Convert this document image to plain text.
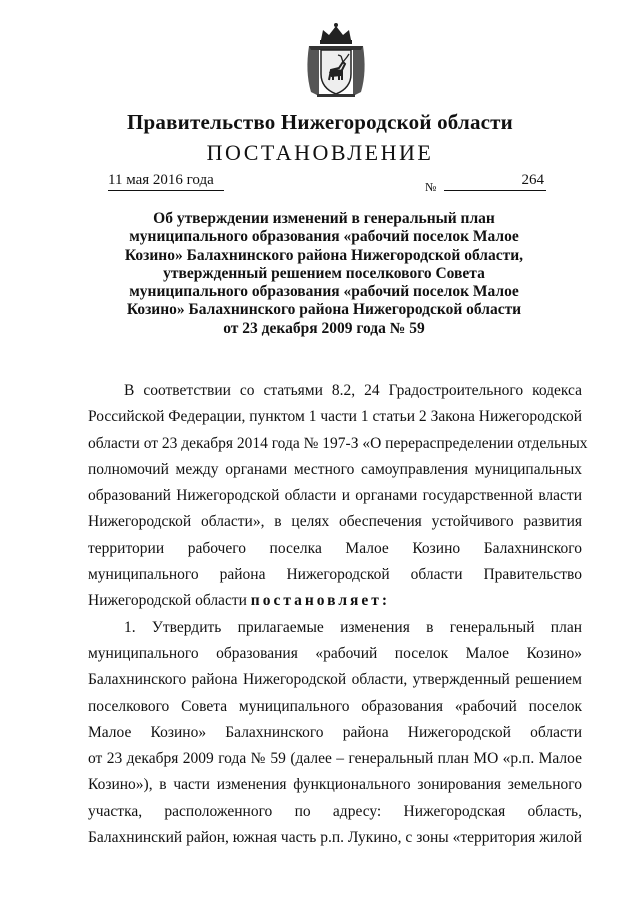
Правительство Нижегородской области
ПОСТАНОВЛЕНИЕ
11 мая 2016 года	№	264
Об утверждении изменений в генеральный план
муниципального образования «рабочий поселок Малое
Козино» Балахнинского района Нижегородской области,
утвержденный решением поселкового Совета
муниципального образования «рабочий поселок Малое
Козино» Балахнинского района Нижегородской области
от 23 декабря 2009 года № 59
В соответствии со статьями 8.2, 24 Градостроительного кодекса
Российской Федерации, пунктом 1 части 1 статьи 2 Закона Нижегородской
области от 23 декабря 2014 года № 197-З «О перераспределении отдельных
полномочий между органами местного самоуправления муниципальных
образований Нижегородской области и органами государственной власти
Нижегородской области», в целях обеспечения устойчивого развития
территории рабочего поселка Малое Козино Балахнинского
муниципального района Нижегородской области Правительство
Нижегородской области постановляет:
1. Утвердить прилагаемые изменения в генеральный план
муниципального образования «рабочий поселок Малое Козино»
Балахнинского района Нижегородской области, утвержденный решением
поселкового Совета муниципального образования «рабочий поселок
Малое Козино» Балахнинского района Нижегородской области
от 23 декабря 2009 года № 59 (далее – генеральный план МО «р.п. Малое
Козино»), в части изменения функционального зонирования земельного
участка, расположенного по адресу: Нижегородская область,
Балахнинский район, южная часть р.п. Лукино, с зоны «территория жилой
